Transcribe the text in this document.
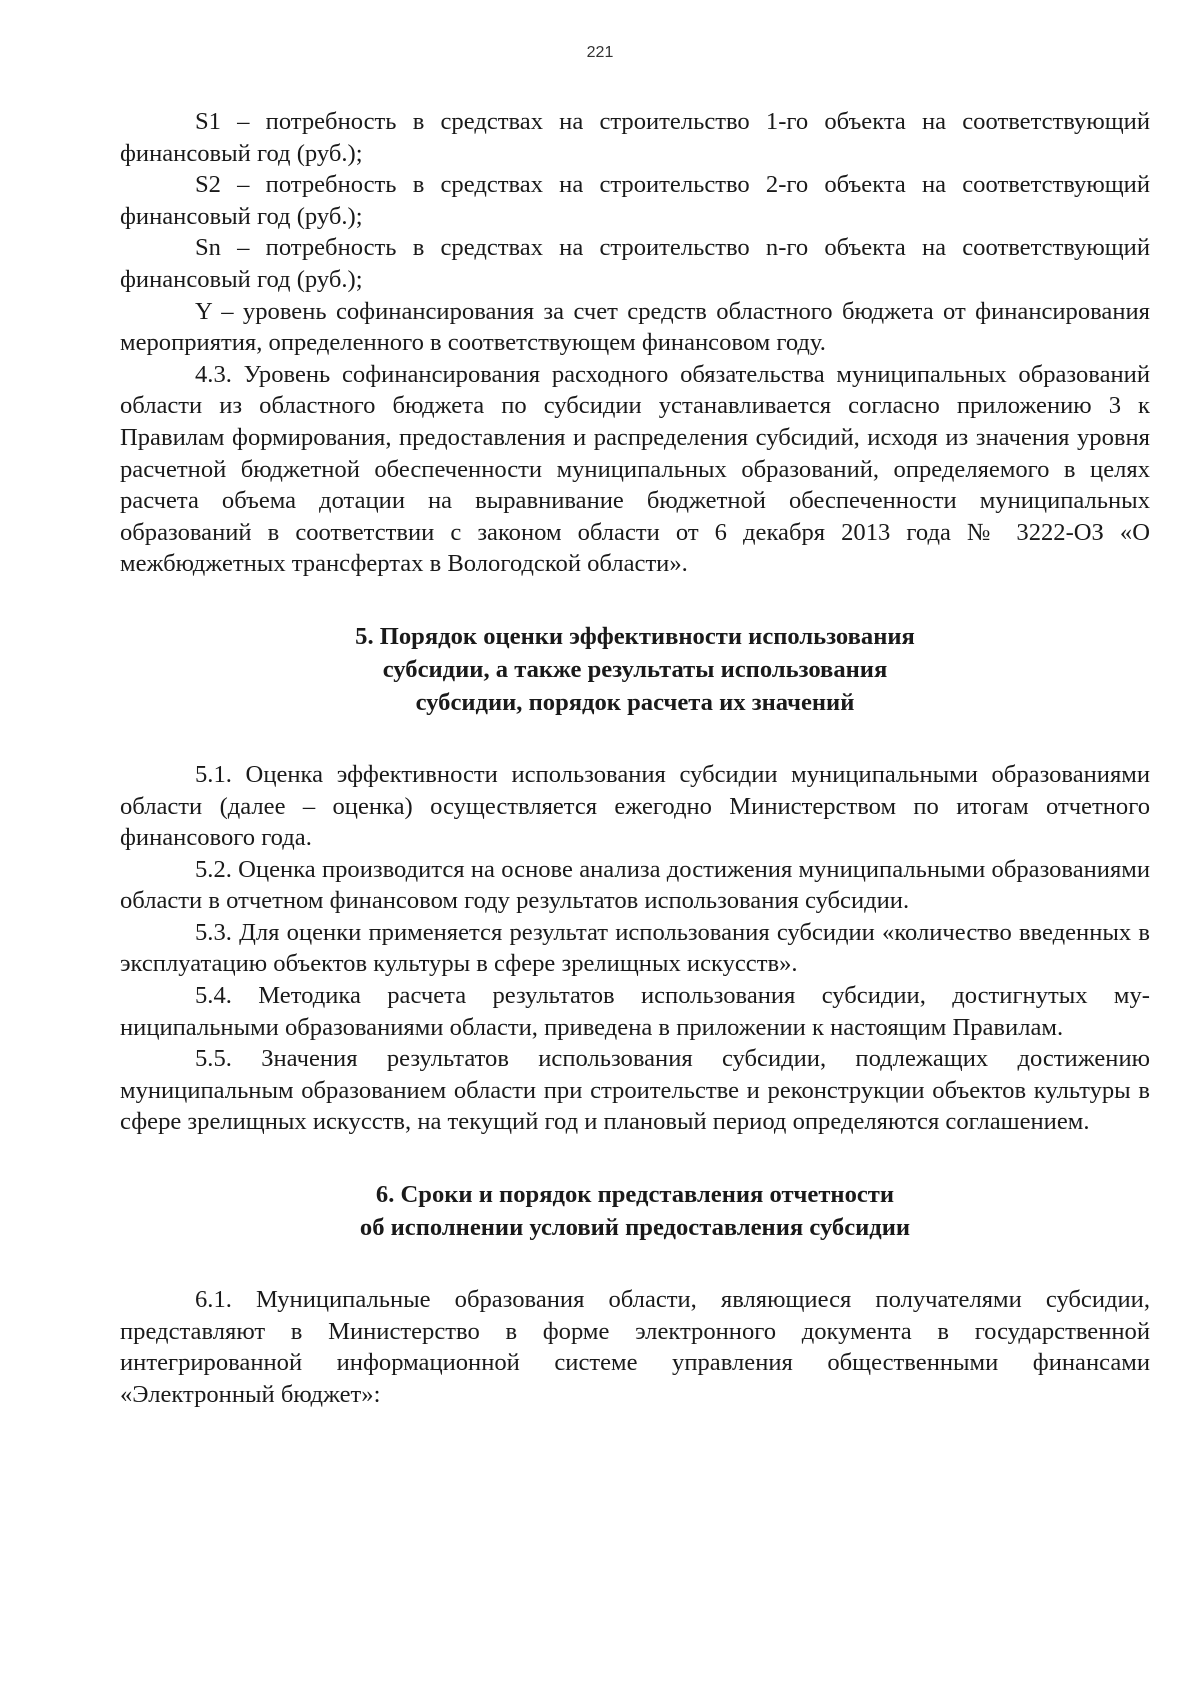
221

S1 – потребность в средствах на строительство 1-го объекта на соответствующий финансовый год (руб.);

S2 – потребность в средствах на строительство 2-го объекта на соответствующий финансовый год (руб.);

Sn – потребность в средствах на строительство n-го объекта на соответствующий финансовый год (руб.);

Y – уровень софинансирования за счет средств областного бюджета от финансирования мероприятия, определенного в соответствующем финансовом году.

4.3. Уровень софинансирования расходного обязательства муниципальных образований области из областного бюджета по субсидии устанавливается согласно приложению 3 к Правилам формирования, предоставления и распределения субсидий, исходя из значения уровня расчетной бюджетной обеспеченности муниципальных образований, определяемого в целях расчета объема дотации на выравнивание бюджетной обеспеченности муниципальных образований в соответствии с законом области от 6 декабря 2013 года № 3222-ОЗ «О межбюджетных трансфертах в Вологодской области».

5. Порядок оценки эффективности использования
субсидии, а также результаты использования
субсидии, порядок расчета их значений

5.1. Оценка эффективности использования субсидии муниципальными образованиями области (далее – оценка) осуществляется ежегодно Министерством по итогам отчетного финансового года.

5.2. Оценка производится на основе анализа достижения муниципальными образованиями области в отчетном финансовом году результатов использования субсидии.

5.3. Для оценки применяется результат использования субсидии «количество введенных в эксплуатацию объектов культуры в сфере зрелищных искусств».

5.4. Методика расчета результатов использования субсидии, достигнутых муниципальными образованиями области, приведена в приложении к настоящим Правилам.

5.5. Значения результатов использования субсидии, подлежащих достижению муниципальным образованием области при строительстве и реконструкции объектов культуры в сфере зрелищных искусств, на текущий год и плановый период определяются соглашением.

6. Сроки и порядок представления отчетности
об исполнении условий предоставления субсидии

6.1. Муниципальные образования области, являющиеся получателями субсидии, представляют в Министерство в форме электронного документа в государственной интегрированной информационной системе управления общественными финансами «Электронный бюджет»:
